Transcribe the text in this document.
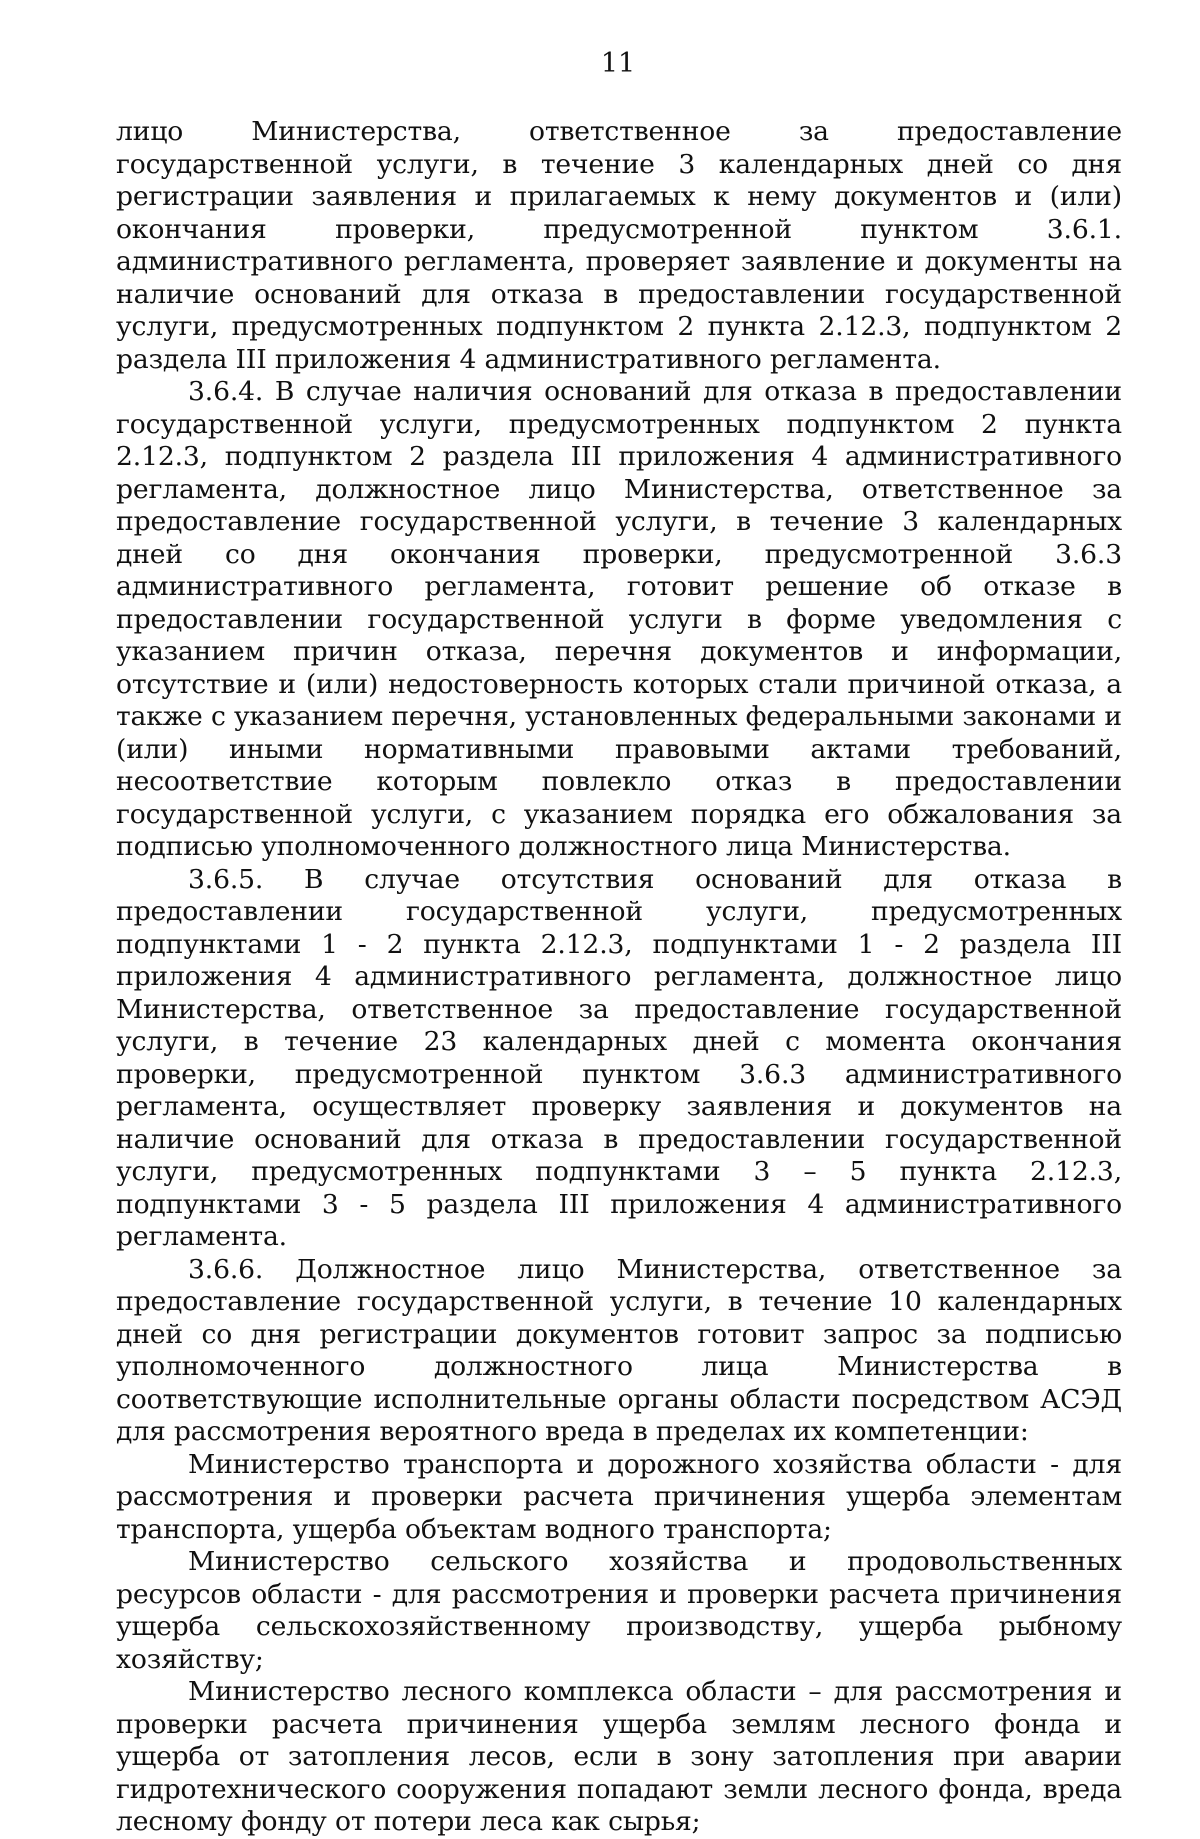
11

лицо Министерства, ответственное за предоставление государственной услуги, в течение 3 календарных дней со дня регистрации заявления и прилагаемых к нему документов и (или) окончания проверки, предусмотренной пунктом 3.6.1. административного регламента, проверяет заявление и документы на наличие оснований для отказа в предоставлении государственной услуги, предусмотренных подпунктом 2 пункта 2.12.3, подпунктом 2 раздела III приложения 4 административного регламента.

3.6.4. В случае наличия оснований для отказа в предоставлении государственной услуги, предусмотренных подпунктом 2 пункта 2.12.3, подпунктом 2 раздела III приложения 4 административного регламента, должностное лицо Министерства, ответственное за предоставление государственной услуги, в течение 3 календарных дней со дня окончания проверки, предусмотренной 3.6.3 административного регламента, готовит решение об отказе в предоставлении государственной услуги в форме уведомления с указанием причин отказа, перечня документов и информации, отсутствие и (или) недостоверность которых стали причиной отказа, а также с указанием перечня, установленных федеральными законами и (или) иными нормативными правовыми актами требований, несоответствие которым повлекло отказ в предоставлении государственной услуги, с указанием порядка его обжалования за подписью уполномоченного должностного лица Министерства.

3.6.5. В случае отсутствия оснований для отказа в предоставлении государственной услуги, предусмотренных подпунктами 1 - 2 пункта 2.12.3, подпунктами 1 - 2 раздела III приложения 4 административного регламента, должностное лицо Министерства, ответственное за предоставление государственной услуги, в течение 23 календарных дней с момента окончания проверки, предусмотренной пунктом 3.6.3 административного регламента, осуществляет проверку заявления и документов на наличие оснований для отказа в предоставлении государственной услуги, предусмотренных подпунктами 3 – 5 пункта 2.12.3, подпунктами 3 - 5 раздела III приложения 4 административного регламента.

3.6.6. Должностное лицо Министерства, ответственное за предоставление государственной услуги, в течение 10 календарных дней со дня регистрации документов готовит запрос за подписью уполномоченного должностного лица Министерства в соответствующие исполнительные органы области посредством АСЭД для рассмотрения вероятного вреда в пределах их компетенции:

Министерство транспорта и дорожного хозяйства области - для рассмотрения и проверки расчета причинения ущерба элементам транспорта, ущерба объектам водного транспорта;

Министерство сельского хозяйства и продовольственных ресурсов области - для рассмотрения и проверки расчета причинения ущерба сельскохозяйственному производству, ущерба рыбному хозяйству;

Министерство лесного комплекса области – для рассмотрения и проверки расчета причинения ущерба землям лесного фонда и ущерба от затопления лесов, если в зону затопления при аварии гидротехнического сооружения попадают земли лесного фонда, вреда лесному фонду от потери леса как сырья;
